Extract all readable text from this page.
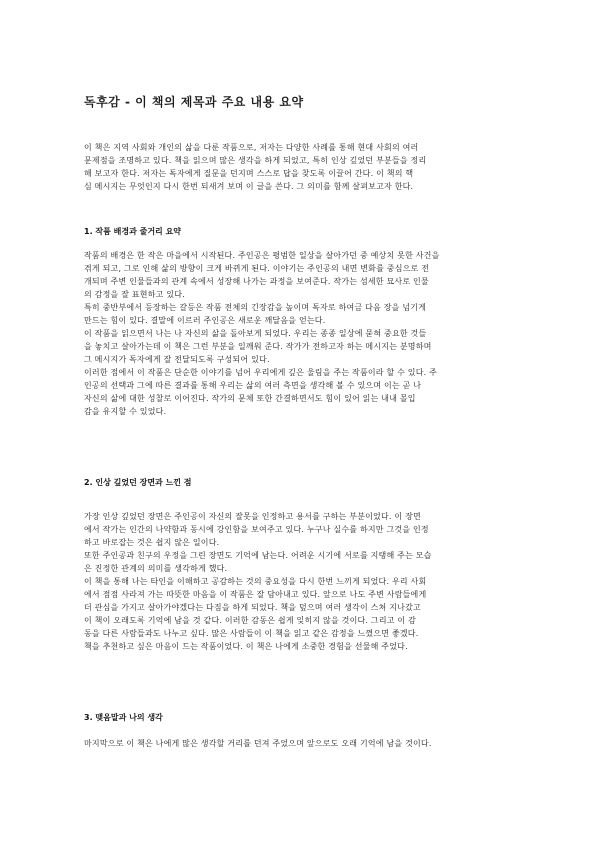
독후감 - 이 책의 제목과 주요 내용 요약
이 책은 지역 사회와 개인의 삶을 다룬 작품으로, 저자는 다양한 사례를 통해 현대 사회의 여러
문제점을 조명하고 있다. 책을 읽으며 많은 생각을 하게 되었고, 특히 인상 깊었던 부분들을 정리
해 보고자 한다. 저자는 독자에게 질문을 던지며 스스로 답을 찾도록 이끌어 간다. 이 책의 핵
심 메시지는 무엇인지 다시 한번 되새겨 보며 이 글을 쓴다. 그 의미를 함께 살펴보고자 한다.
1. 작품 배경과 줄거리 요약
작품의 배경은 한 작은 마을에서 시작된다. 주인공은 평범한 일상을 살아가던 중 예상치 못한 사건을
겪게 되고, 그로 인해 삶의 방향이 크게 바뀌게 된다. 이야기는 주인공의 내면 변화를 중심으로 전
개되며 주변 인물들과의 관계 속에서 성장해 나가는 과정을 보여준다. 작가는 섬세한 묘사로 인물
의 감정을 잘 표현하고 있다.
특히 중반부에서 등장하는 갈등은 작품 전체의 긴장감을 높이며 독자로 하여금 다음 장을 넘기게
만드는 힘이 있다. 결말에 이르러 주인공은 새로운 깨달음을 얻는다.
이 작품을 읽으면서 나는 나 자신의 삶을 돌아보게 되었다. 우리는 종종 일상에 묻혀 중요한 것들
을 놓치고 살아가는데 이 책은 그런 부분을 일깨워 준다. 작가가 전하고자 하는 메시지는 분명하며
그 메시지가 독자에게 잘 전달되도록 구성되어 있다.
이러한 점에서 이 작품은 단순한 이야기를 넘어 우리에게 깊은 울림을 주는 작품이라 할 수 있다. 주
인공의 선택과 그에 따른 결과를 통해 우리는 삶의 여러 측면을 생각해 볼 수 있으며 이는 곧 나
자신의 삶에 대한 성찰로 이어진다. 작가의 문체 또한 간결하면서도 힘이 있어 읽는 내내 몰입
감을 유지할 수 있었다.
2. 인상 깊었던 장면과 느낀 점
가장 인상 깊었던 장면은 주인공이 자신의 잘못을 인정하고 용서를 구하는 부분이었다. 이 장면
에서 작가는 인간의 나약함과 동시에 강인함을 보여주고 있다. 누구나 실수를 하지만 그것을 인정
하고 바로잡는 것은 쉽지 않은 일이다.
또한 주인공과 친구의 우정을 그린 장면도 기억에 남는다. 어려운 시기에 서로를 지탱해 주는 모습
은 진정한 관계의 의미를 생각하게 했다.
이 책을 통해 나는 타인을 이해하고 공감하는 것의 중요성을 다시 한번 느끼게 되었다. 우리 사회
에서 점점 사라져 가는 따뜻한 마음을 이 작품은 잘 담아내고 있다. 앞으로 나도 주변 사람들에게
더 관심을 가지고 살아가야겠다는 다짐을 하게 되었다. 책을 덮으며 여러 생각이 스쳐 지나갔고
이 책이 오래도록 기억에 남을 것 같다. 이러한 감동은 쉽게 잊히지 않을 것이다. 그리고 이 감
동을 다른 사람들과도 나누고 싶다. 많은 사람들이 이 책을 읽고 같은 감정을 느꼈으면 좋겠다.
책을 추천하고 싶은 마음이 드는 작품이었다. 이 책은 나에게 소중한 경험을 선물해 주었다.
3. 맺음말과 나의 생각
마지막으로 이 책은 나에게 많은 생각할 거리를 던져 주었으며 앞으로도 오래 기억에 남을 것이다.
